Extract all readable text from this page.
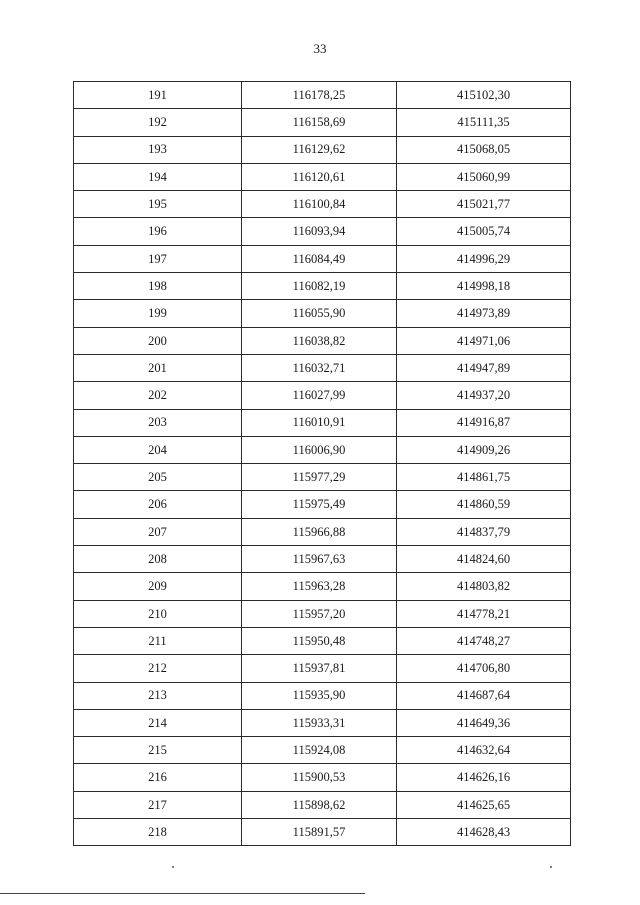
33
191	116178,25	415102,30
192	116158,69	415111,35
193	116129,62	415068,05
194	116120,61	415060,99
195	116100,84	415021,77
196	116093,94	415005,74
197	116084,49	414996,29
198	116082,19	414998,18
199	116055,90	414973,89
200	116038,82	414971,06
201	116032,71	414947,89
202	116027,99	414937,20
203	116010,91	414916,87
204	116006,90	414909,26
205	115977,29	414861,75
206	115975,49	414860,59
207	115966,88	414837,79
208	115967,63	414824,60
209	115963,28	414803,82
210	115957,20	414778,21
211	115950,48	414748,27
212	115937,81	414706,80
213	115935,90	414687,64
214	115933,31	414649,36
215	115924,08	414632,64
216	115900,53	414626,16
217	115898,62	414625,65
218	115891,57	414628,43
